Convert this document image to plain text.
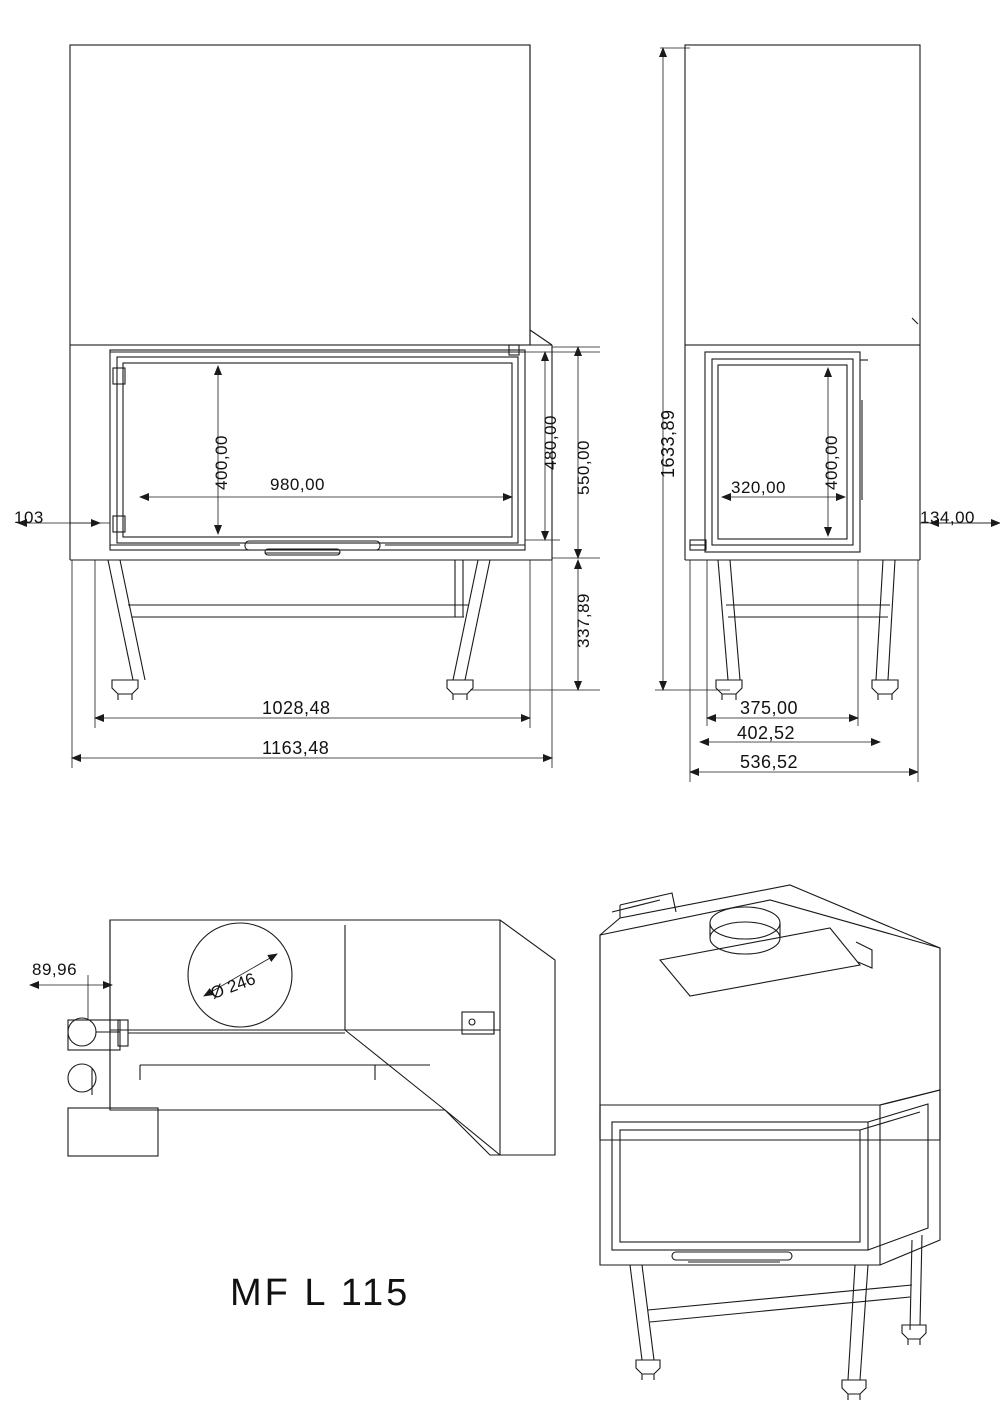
400,00	480,00 550,00
980,00
103
337,89
1028,48
1163,48
1633,89	400,00
320,00
134,00
375,00
402,52
536,52
89,96	Ø 246
MF L 115
